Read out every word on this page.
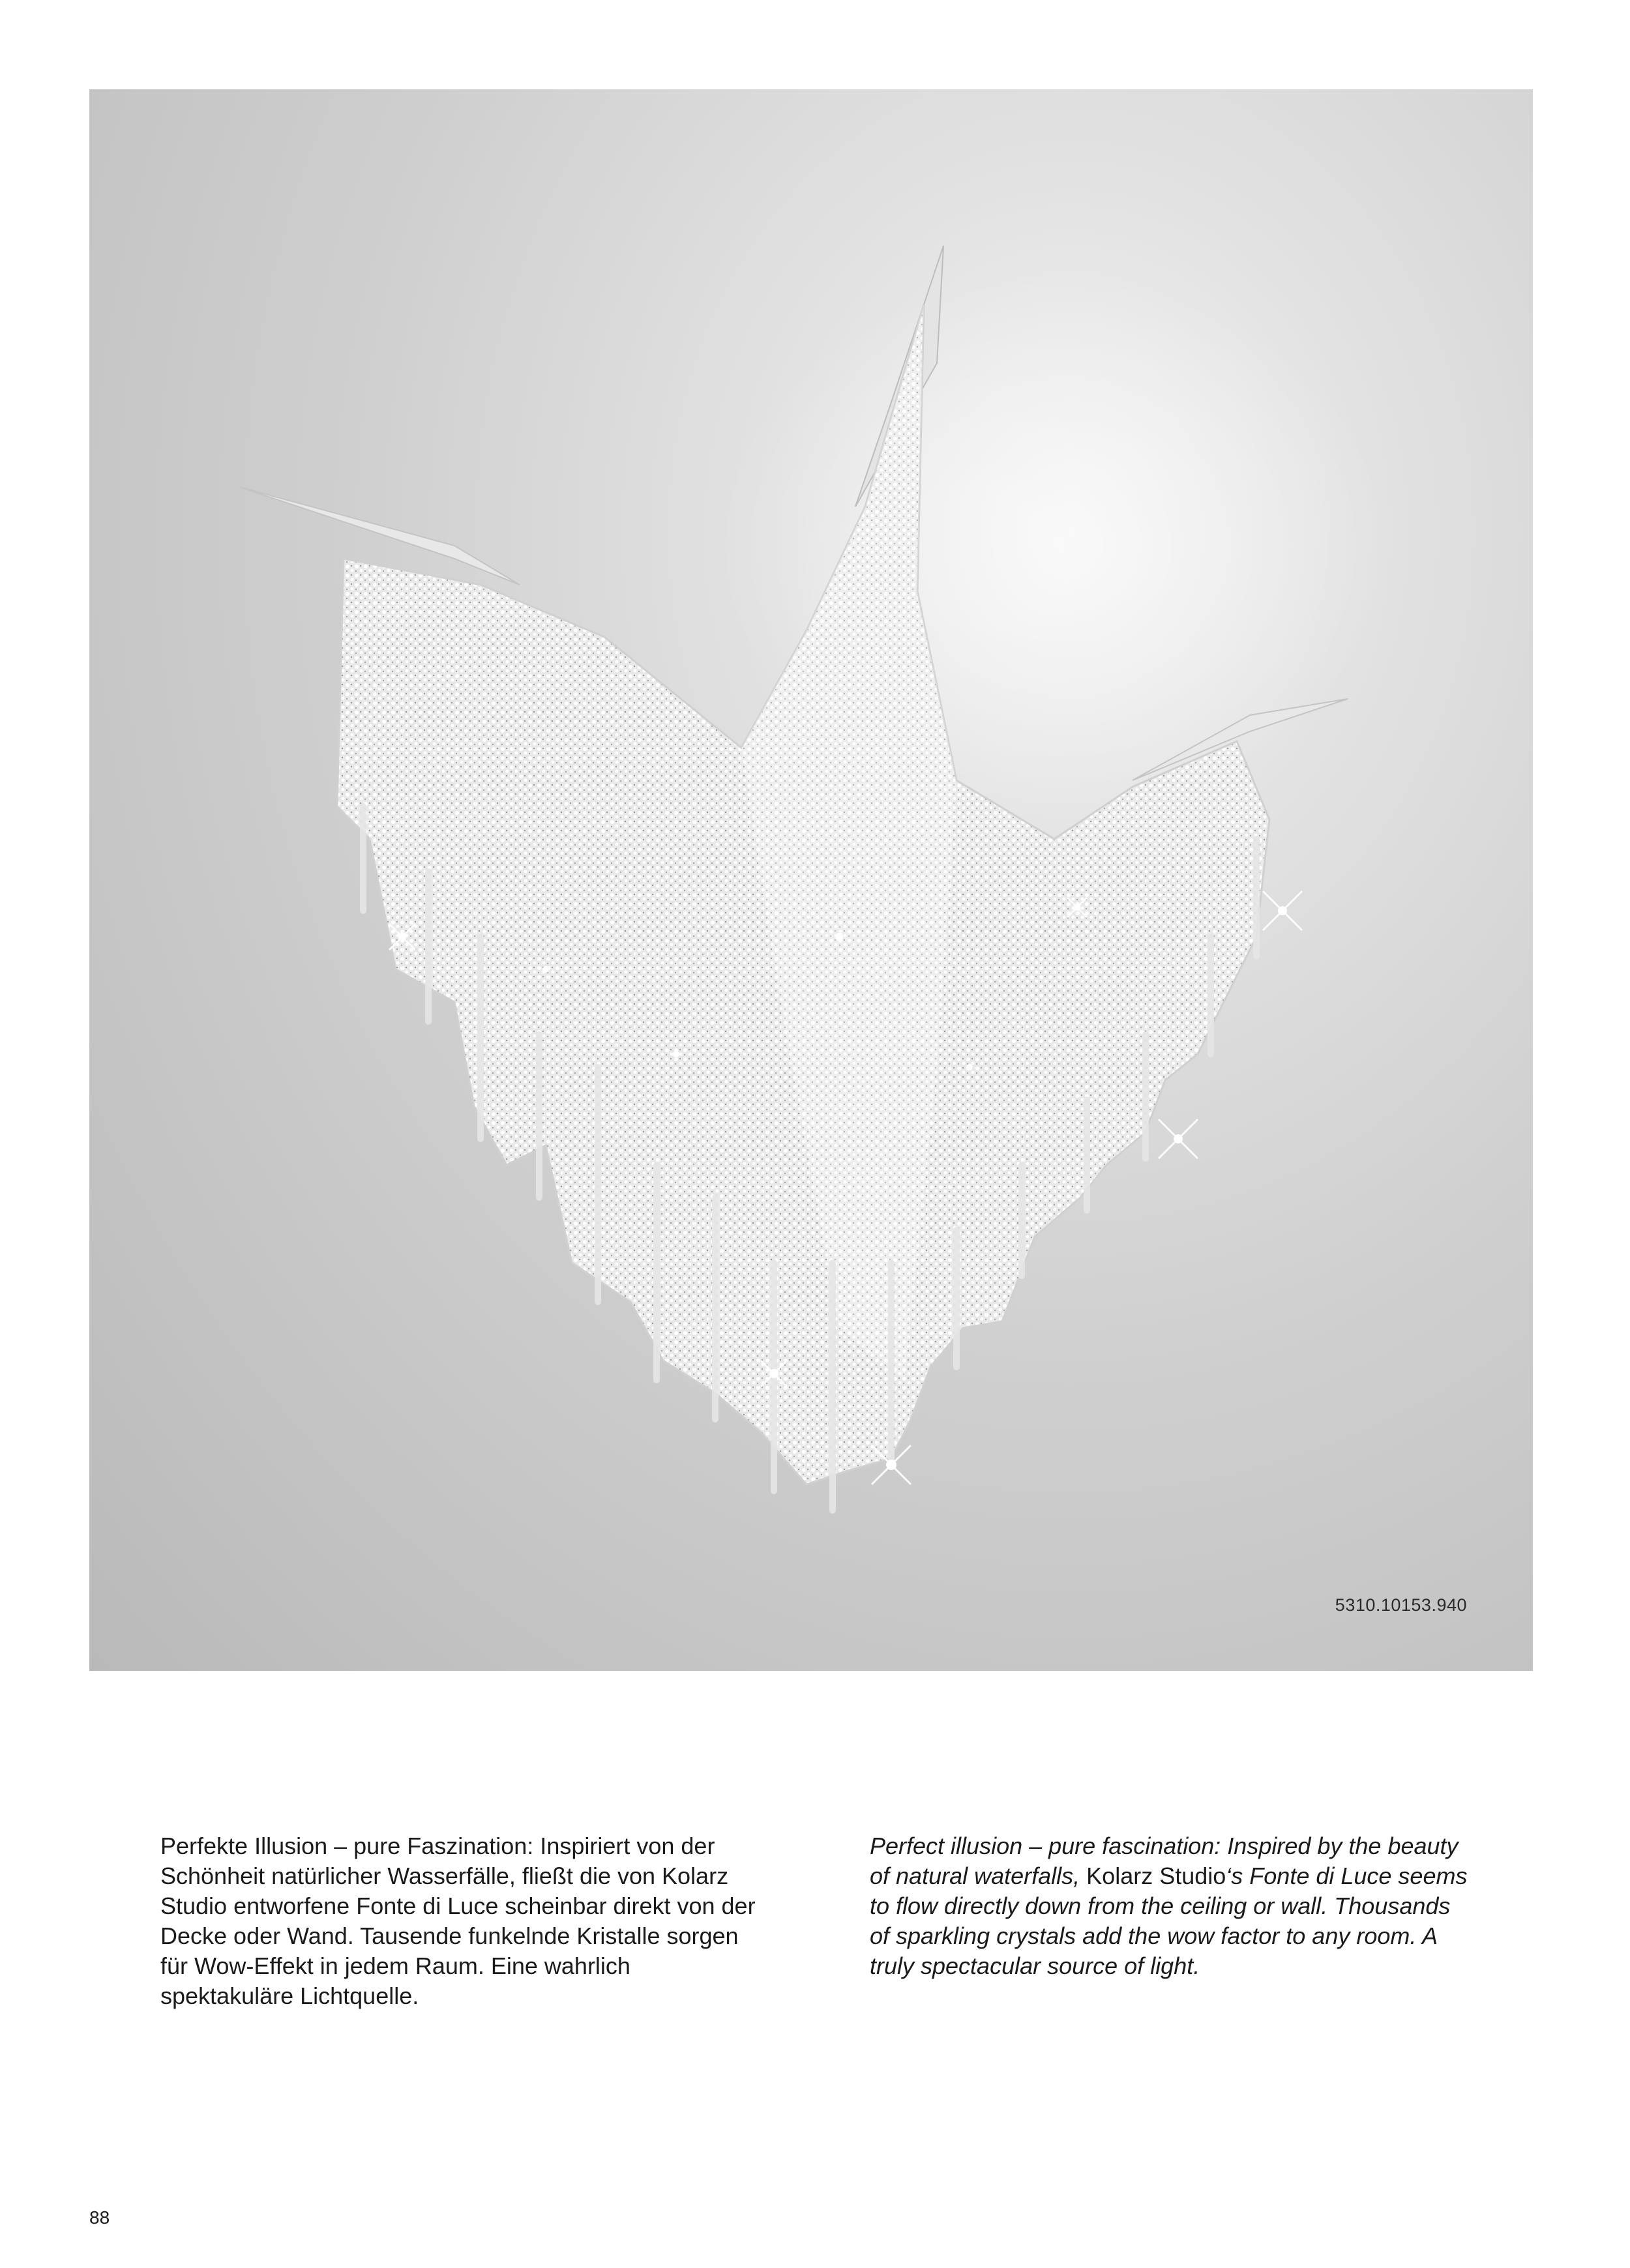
5310.10153.940

Perfekte Illusion – pure Faszination: Inspiriert von der Schönheit natürlicher Wasserfälle, fließt die von Kolarz Studio entworfene Fonte di Luce scheinbar direkt von der Decke oder Wand. Tausende funkelnde Kristalle sorgen für Wow-Effekt in jedem Raum. Eine wahrlich spektakuläre Lichtquelle.

Perfect illusion – pure fascination: Inspired by the beauty of natural waterfalls, Kolarz Studio‘s Fonte di Luce seems to flow directly down from the ceiling or wall. Thousands of sparkling crystals add the wow factor to any room. A truly spectacular source of light.

88
